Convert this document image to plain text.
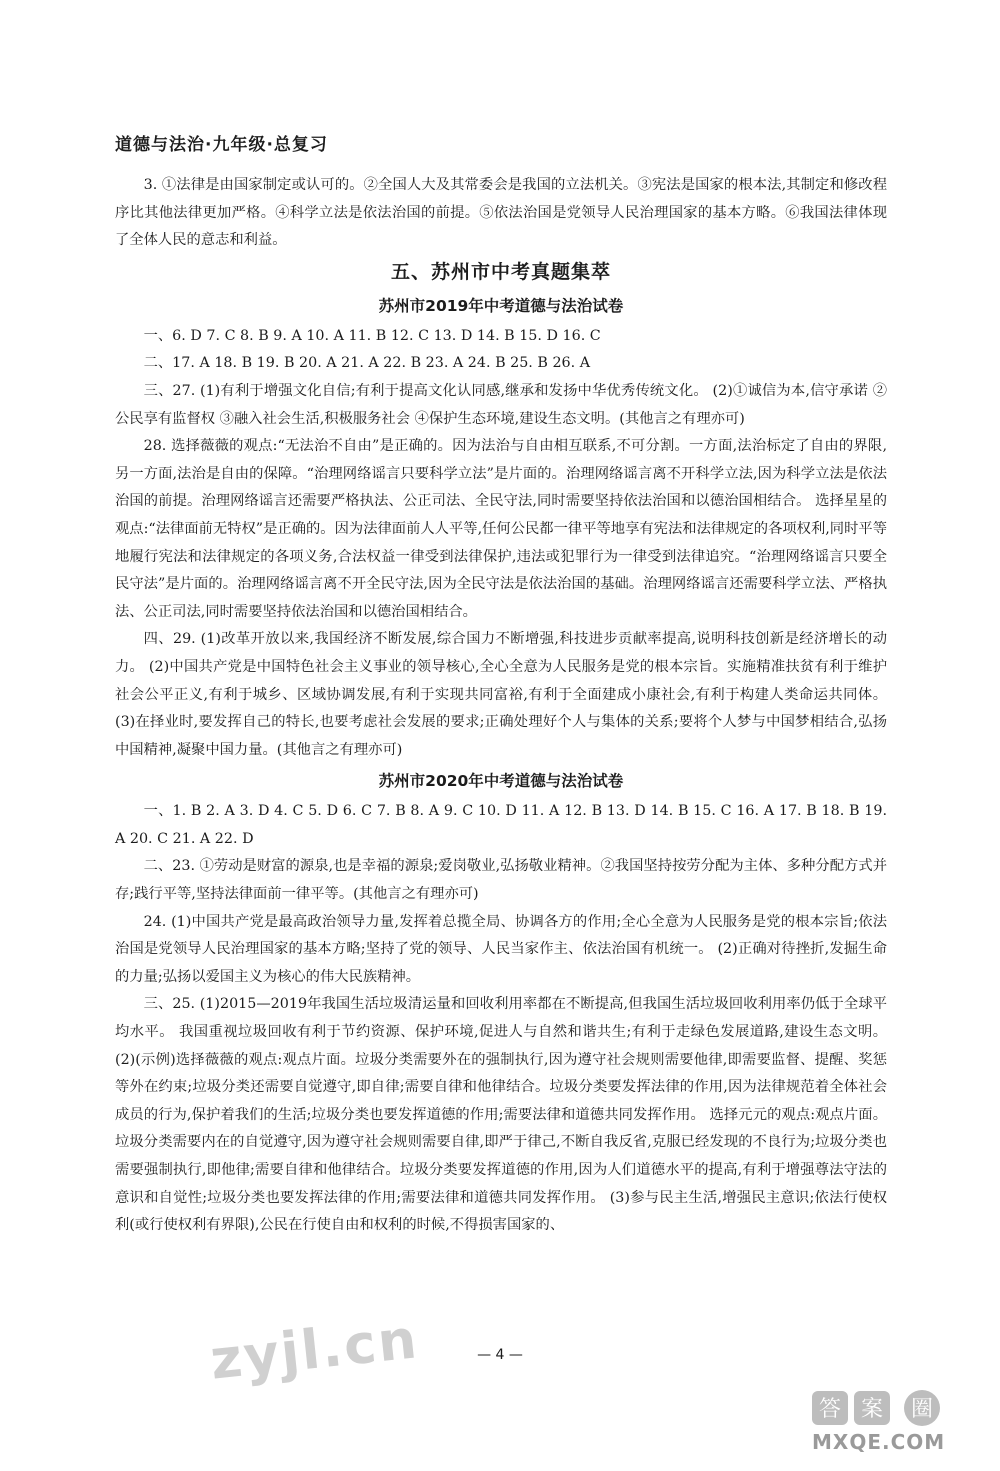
道德与法治·九年级·总复习

3. ①法律是由国家制定或认可的。②全国人大及其常委会是我国的立法机关。③宪法是国家的根本法,其制定和修改程序比其他法律更加严格。④科学立法是依法治国的前提。⑤依法治国是党领导人民治理国家的基本方略。⑥我国法律体现了全体人民的意志和利益。

五、苏州市中考真题集萃
苏州市2019年中考道德与法治试卷

一、6. D 7. C 8. B 9. A 10. A 11. B 12. C 13. D 14. B 15. D 16. C

二、17. A 18. B 19. B 20. A 21. A 22. B 23. A 24. B 25. B 26. A

三、27. (1)有利于增强文化自信;有利于提高文化认同感,继承和发扬中华优秀传统文化。 (2)①诚信为本,信守承诺 ②公民享有监督权 ③融入社会生活,积极服务社会 ④保护生态环境,建设生态文明。(其他言之有理亦可)

28. 选择薇薇的观点:“无法治不自由”是正确的。因为法治与自由相互联系,不可分割。一方面,法治标定了自由的界限,另一方面,法治是自由的保障。“治理网络谣言只要科学立法”是片面的。治理网络谣言离不开科学立法,因为科学立法是依法治国的前提。治理网络谣言还需要严格执法、公正司法、全民守法,同时需要坚持依法治国和以德治国相结合。 选择星星的观点:“法律面前无特权”是正确的。因为法律面前人人平等,任何公民都一律平等地享有宪法和法律规定的各项权利,同时平等地履行宪法和法律规定的各项义务,合法权益一律受到法律保护,违法或犯罪行为一律受到法律追究。“治理网络谣言只要全民守法”是片面的。治理网络谣言离不开全民守法,因为全民守法是依法治国的基础。治理网络谣言还需要科学立法、严格执法、公正司法,同时需要坚持依法治国和以德治国相结合。

四、29. (1)改革开放以来,我国经济不断发展,综合国力不断增强,科技进步贡献率提高,说明科技创新是经济增长的动力。 (2)中国共产党是中国特色社会主义事业的领导核心,全心全意为人民服务是党的根本宗旨。实施精准扶贫有利于维护社会公平正义,有利于城乡、区域协调发展,有利于实现共同富裕,有利于全面建成小康社会,有利于构建人类命运共同体。 (3)在择业时,要发挥自己的特长,也要考虑社会发展的要求;正确处理好个人与集体的关系;要将个人梦与中国梦相结合,弘扬中国精神,凝聚中国力量。(其他言之有理亦可)

苏州市2020年中考道德与法治试卷

一、1. B 2. A 3. D 4. C 5. D 6. C 7. B 8. A 9. C 10. D 11. A 12. B 13. D 14. B 15. C 16. A 17. B 18. B 19. A 20. C 21. A 22. D

二、23. ①劳动是财富的源泉,也是幸福的源泉;爱岗敬业,弘扬敬业精神。②我国坚持按劳分配为主体、多种分配方式并存;践行平等,坚持法律面前一律平等。(其他言之有理亦可)

24. (1)中国共产党是最高政治领导力量,发挥着总揽全局、协调各方的作用;全心全意为人民服务是党的根本宗旨;依法治国是党领导人民治理国家的基本方略;坚持了党的领导、人民当家作主、依法治国有机统一。 (2)正确对待挫折,发掘生命的力量;弘扬以爱国主义为核心的伟大民族精神。

三、25. (1)2015—2019年我国生活垃圾清运量和回收利用率都在不断提高,但我国生活垃圾回收利用率仍低于全球平均水平。 我国重视垃圾回收有利于节约资源、保护环境,促进人与自然和谐共生;有利于走绿色发展道路,建设生态文明。 (2)(示例)选择薇薇的观点:观点片面。垃圾分类需要外在的强制执行,因为遵守社会规则需要他律,即需要监督、提醒、奖惩等外在约束;垃圾分类还需要自觉遵守,即自律;需要自律和他律结合。垃圾分类要发挥法律的作用,因为法律规范着全体社会成员的行为,保护着我们的生活;垃圾分类也要发挥道德的作用;需要法律和道德共同发挥作用。 选择元元的观点:观点片面。垃圾分类需要内在的自觉遵守,因为遵守社会规则需要自律,即严于律己,不断自我反省,克服已经发现的不良行为;垃圾分类也需要强制执行,即他律;需要自律和他律结合。垃圾分类要发挥道德的作用,因为人们道德水平的提高,有利于增强尊法守法的意识和自觉性;垃圾分类也要发挥法律的作用;需要法律和道德共同发挥作用。 (3)参与民主生活,增强民主意识;依法行使权利(或行使权利有界限),公民在行使自由和权利的时候,不得损害国家的、

zyjl.cn	— 4 —
答 案 圈
MXQE.COM
